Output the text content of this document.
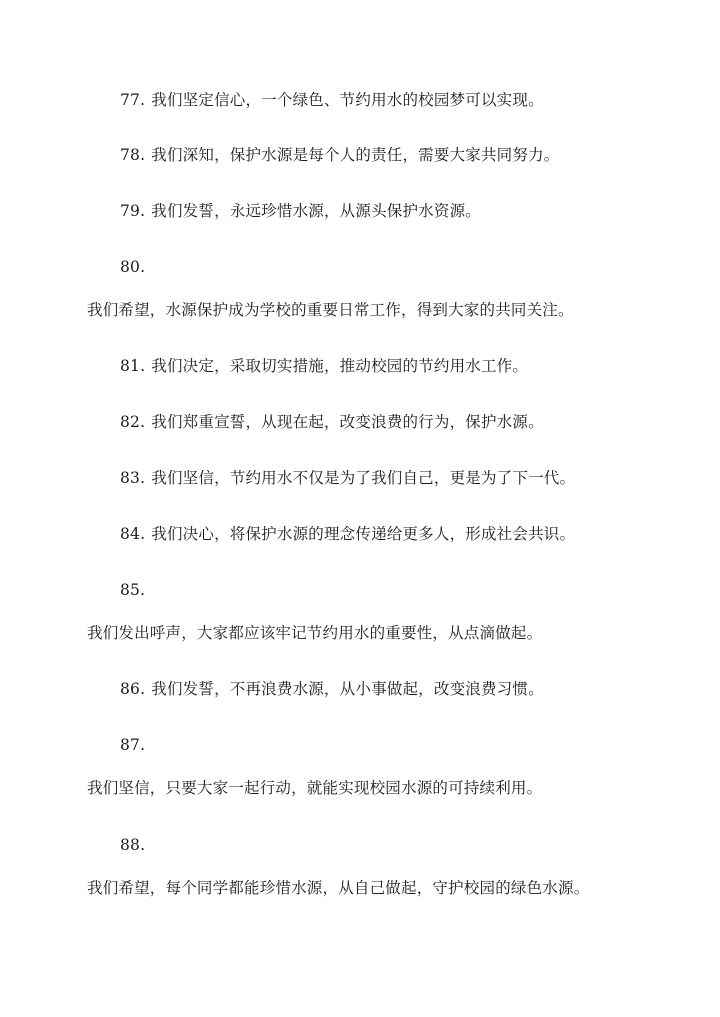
77. 我们坚定信心，一个绿色、节约用水的校园梦可以实现。
78. 我们深知，保护水源是每个人的责任，需要大家共同努力。
79. 我们发誓，永远珍惜水源，从源头保护水资源。
80.
我们希望，水源保护成为学校的重要日常工作，得到大家的共同关注。
81. 我们决定，采取切实措施，推动校园的节约用水工作。
82. 我们郑重宣誓，从现在起，改变浪费的行为，保护水源。
83. 我们坚信，节约用水不仅是为了我们自己，更是为了下一代。
84. 我们决心，将保护水源的理念传递给更多人，形成社会共识。
85.
我们发出呼声，大家都应该牢记节约用水的重要性，从点滴做起。
86. 我们发誓，不再浪费水源，从小事做起，改变浪费习惯。
87.
我们坚信，只要大家一起行动，就能实现校园水源的可持续利用。
88.
我们希望，每个同学都能珍惜水源，从自己做起，守护校园的绿色水源。
